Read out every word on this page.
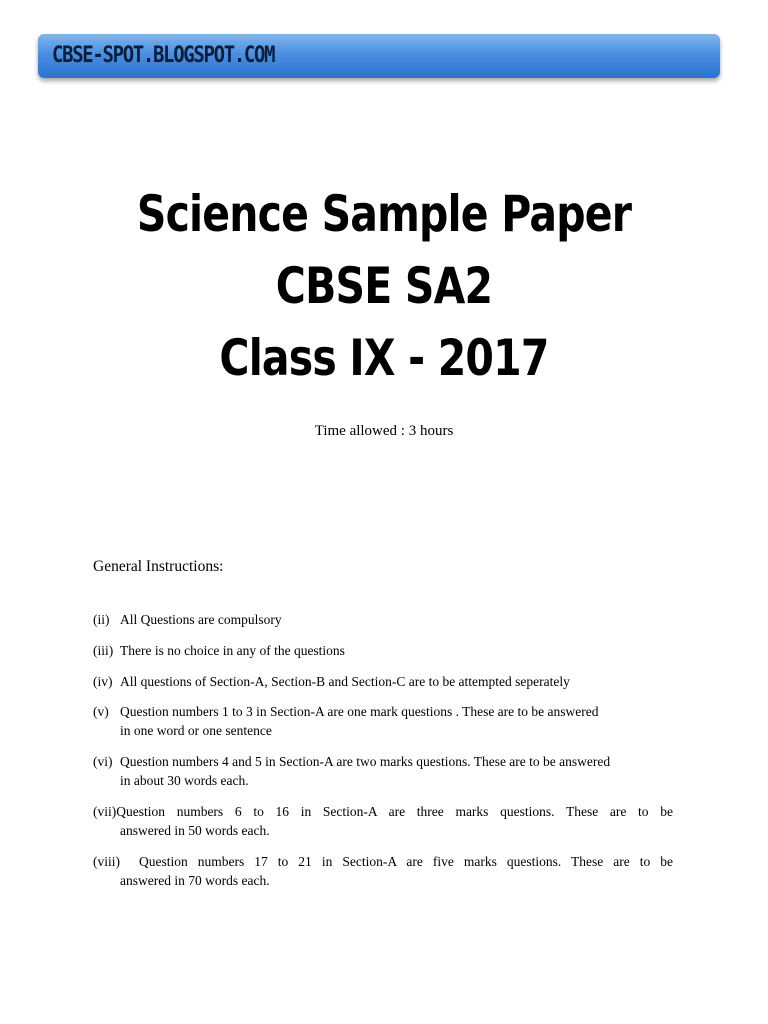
CBSE-SPOT.BLOGSPOT.COM
Science Sample Paper
CBSE SA2
Class IX - 2017
Time allowed : 3 hours
General Instructions:
(ii) All Questions are compulsory
(iii) There is no choice in any of the questions
(iv) All questions of Section-A, Section-B and Section-C are to be attempted seperately
(v) Question numbers 1 to 3 in Section-A are one mark questions . These are to be answered
in one word or one sentence
(vi) Question numbers 4 and 5 in Section-A are two marks questions. These are to be answered
in about 30 words each.
(vii) Question numbers 6 to 16 in Section-A are three marks questions. These are to be
answered in 50 words each.
(viii)	Question numbers 17 to 21 in Section-A are five marks questions. These are to be
answered in 70 words each.
